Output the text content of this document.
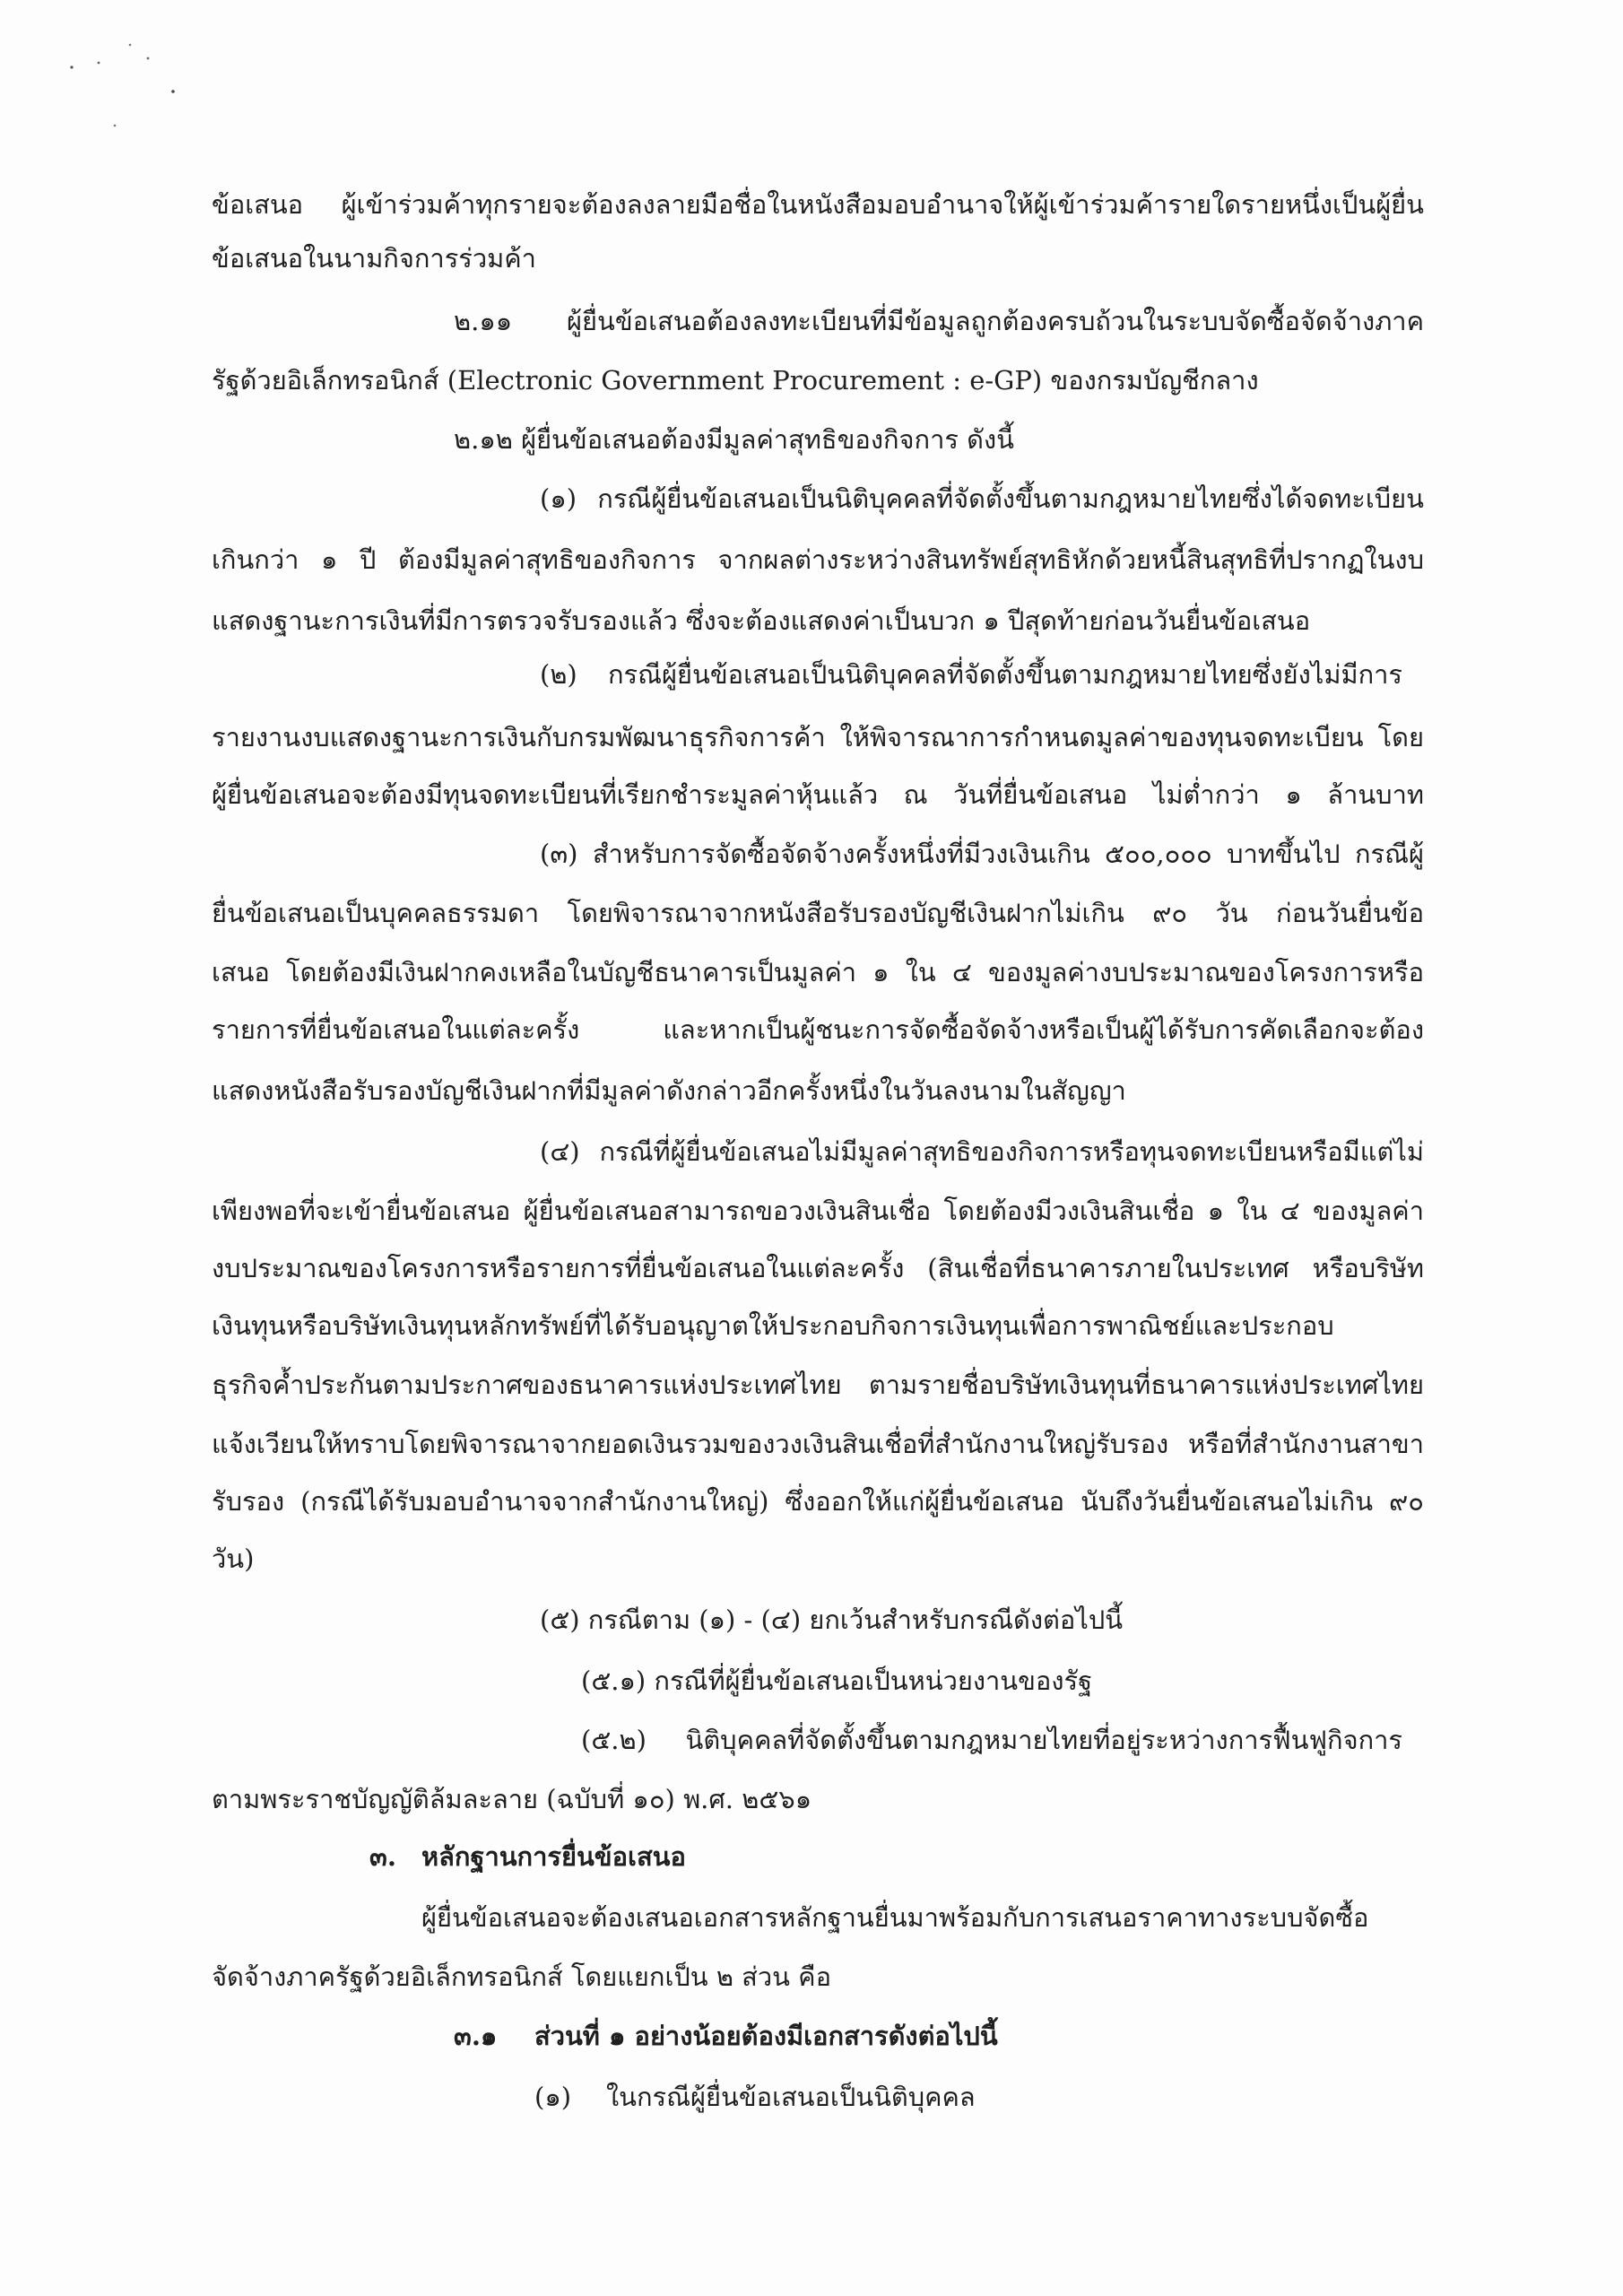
ข้อเสนอ ผู้เข้าร่วมค้าทุกรายจะต้องลงลายมือชื่อในหนังสือมอบอำนาจให้ผู้เข้าร่วมค้ารายใดรายหนึ่งเป็นผู้ยื่น
ข้อเสนอในนามกิจการร่วมค้า
๒.๑๑ ผู้ยื่นข้อเสนอต้องลงทะเบียนที่มีข้อมูลถูกต้องครบถ้วนในระบบจัดซื้อจัดจ้างภาค
รัฐด้วยอิเล็กทรอนิกส์ (Electronic Government Procurement : e-GP) ของกรมบัญชีกลาง
๒.๑๒ ผู้ยื่นข้อเสนอต้องมีมูลค่าสุทธิของกิจการ ดังนี้
(๑) กรณีผู้ยื่นข้อเสนอเป็นนิติบุคคลที่จัดตั้งขึ้นตามกฎหมายไทยซึ่งได้จดทะเบียน
เกินกว่า ๑ ปี ต้องมีมูลค่าสุทธิของกิจการ จากผลต่างระหว่างสินทรัพย์สุทธิหักด้วยหนี้สินสุทธิที่ปรากฏในงบ
แสดงฐานะการเงินที่มีการตรวจรับรองแล้ว ซึ่งจะต้องแสดงค่าเป็นบวก ๑ ปีสุดท้ายก่อนวันยื่นข้อเสนอ
(๒) กรณีผู้ยื่นข้อเสนอเป็นนิติบุคคลที่จัดตั้งขึ้นตามกฎหมายไทยซึ่งยังไม่มีการ
รายงานงบแสดงฐานะการเงินกับกรมพัฒนาธุรกิจการค้า ให้พิจารณาการกำหนดมูลค่าของทุนจดทะเบียน โดย
ผู้ยื่นข้อเสนอจะต้องมีทุนจดทะเบียนที่เรียกชำระมูลค่าหุ้นแล้ว ณ วันที่ยื่นข้อเสนอ ไม่ต่ำกว่า ๑ ล้านบาท
(๓) สำหรับการจัดซื้อจัดจ้างครั้งหนึ่งที่มีวงเงินเกิน ๕๐๐,๐๐๐ บาทขึ้นไป กรณีผู้
ยื่นข้อเสนอเป็นบุคคลธรรมดา โดยพิจารณาจากหนังสือรับรองบัญชีเงินฝากไม่เกิน ๙๐ วัน ก่อนวันยื่นข้อ
เสนอ โดยต้องมีเงินฝากคงเหลือในบัญชีธนาคารเป็นมูลค่า ๑ ใน ๔ ของมูลค่างบประมาณของโครงการหรือ
รายการที่ยื่นข้อเสนอในแต่ละครั้ง และหากเป็นผู้ชนะการจัดซื้อจัดจ้างหรือเป็นผู้ได้รับการคัดเลือกจะต้อง
แสดงหนังสือรับรองบัญชีเงินฝากที่มีมูลค่าดังกล่าวอีกครั้งหนึ่งในวันลงนามในสัญญา
(๔) กรณีที่ผู้ยื่นข้อเสนอไม่มีมูลค่าสุทธิของกิจการหรือทุนจดทะเบียนหรือมีแต่ไม่
เพียงพอที่จะเข้ายื่นข้อเสนอ ผู้ยื่นข้อเสนอสามารถขอวงเงินสินเชื่อ โดยต้องมีวงเงินสินเชื่อ ๑ ใน ๔ ของมูลค่า
งบประมาณของโครงการหรือรายการที่ยื่นข้อเสนอในแต่ละครั้ง (สินเชื่อที่ธนาคารภายในประเทศ หรือบริษัท
เงินทุนหรือบริษัทเงินทุนหลักทรัพย์ที่ได้รับอนุญาตให้ประกอบกิจการเงินทุนเพื่อการพาณิชย์และประกอบ
ธุรกิจค้ำประกันตามประกาศของธนาคารแห่งประเทศไทย ตามรายชื่อบริษัทเงินทุนที่ธนาคารแห่งประเทศไทย
แจ้งเวียนให้ทราบโดยพิจารณาจากยอดเงินรวมของวงเงินสินเชื่อที่สำนักงานใหญ่รับรอง หรือที่สำนักงานสาขา
รับรอง (กรณีได้รับมอบอำนาจจากสำนักงานใหญ่) ซึ่งออกให้แก่ผู้ยื่นข้อเสนอ นับถึงวันยื่นข้อเสนอไม่เกิน ๙๐
วัน)
(๕) กรณีตาม (๑) - (๔) ยกเว้นสำหรับกรณีดังต่อไปนี้
(๕.๑) กรณีที่ผู้ยื่นข้อเสนอเป็นหน่วยงานของรัฐ
(๕.๒) นิติบุคคลที่จัดตั้งขึ้นตามกฎหมายไทยที่อยู่ระหว่างการฟื้นฟูกิจการ
ตามพระราชบัญญัติล้มละลาย (ฉบับที่ ๑๐) พ.ศ. ๒๕๖๑
๓. หลักฐานการยื่นข้อเสนอ
ผู้ยื่นข้อเสนอจะต้องเสนอเอกสารหลักฐานยื่นมาพร้อมกับการเสนอราคาทางระบบจัดซื้อ
จัดจ้างภาครัฐด้วยอิเล็กทรอนิกส์ โดยแยกเป็น ๒ ส่วน คือ
๓.๑ ส่วนที่ ๑ อย่างน้อยต้องมีเอกสารดังต่อไปนี้
(๑) ในกรณีผู้ยื่นข้อเสนอเป็นนิติบุคคล
